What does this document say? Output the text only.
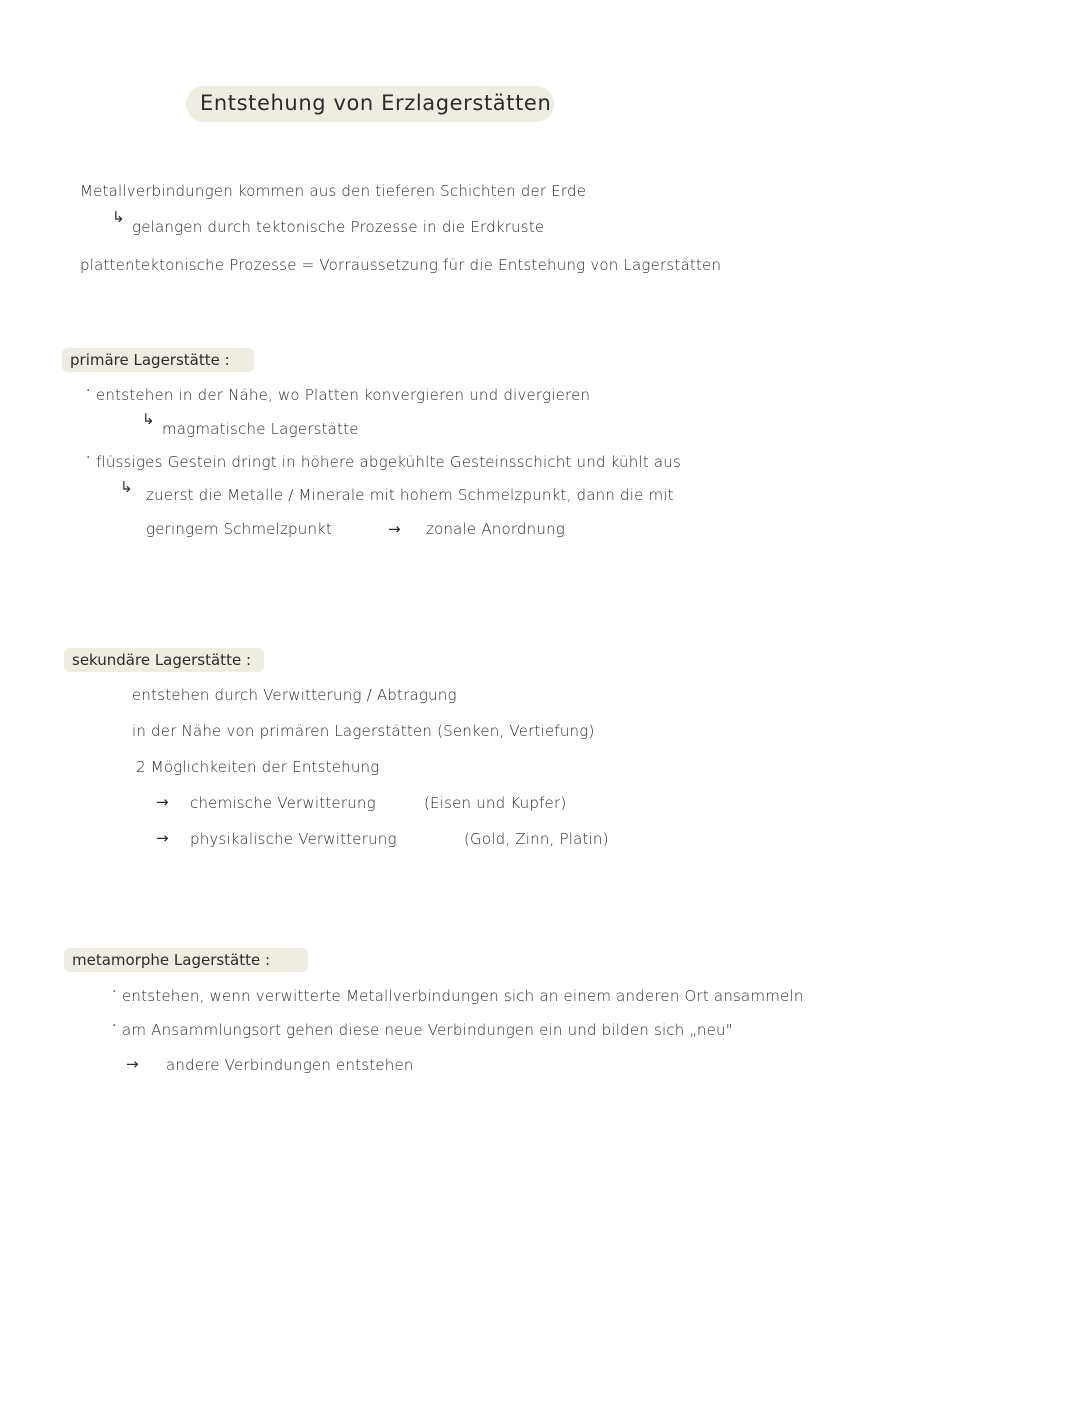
Entstehung von Erzlagerstätten
Metallverbindungen kommen aus den tieferen Schichten der Erde
↳
gelangen durch tektonische Prozesse in die Erdkruste
plattentektonische Prozesse = Vorraussetzung für die Entstehung von Lagerstätten
primäre Lagerstätte :
· entstehen in der Nähe, wo Platten konvergieren und divergieren
↳
magmatische Lagerstätte
· flüssiges Gestein dringt in höhere abgekühlte Gesteinsschicht und kühlt aus
↳ zuerst die Metalle / Minerale mit hohem Schmelzpunkt, dann die mit
geringem Schmelzpunkt	→ zonale Anordnung
sekundäre Lagerstätte :
entstehen durch Verwitterung / Abtragung
in der Nähe von primären Lagerstätten (Senken, Vertiefung)
2 Möglichkeiten der Entstehung
→ chemische Verwitterung	(Eisen und Kupfer)
→ physikalische Verwitterung	(Gold, Zinn, Platin)
metamorphe Lagerstätte :
· entstehen, wenn verwitterte Metallverbindungen sich an einem anderen Ort ansammeln
· am Ansammlungsort gehen diese neue Verbindungen ein und bilden sich „neu"
→ andere Verbindungen entstehen
